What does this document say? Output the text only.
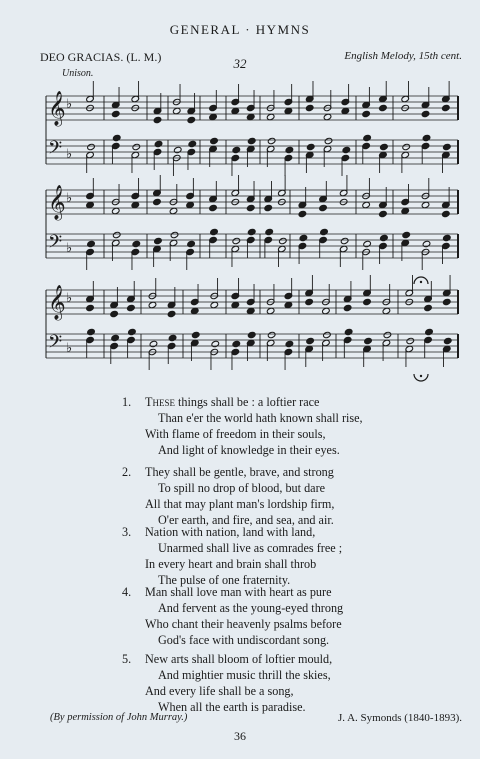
GENERAL · HYMNS
DEO GRACIAS. (L. M.)	32	English Melody, 15th cent.
Unison.
𝄞
𝄢
♭
♭
𝄞
𝄢
♭
♭
𝄞
𝄢
♭
♭
1. These things shall be : a loftier race
Than e'er the world hath known shall rise,
With flame of freedom in their souls,
And light of knowledge in their eyes.
2. They shall be gentle, brave, and strong
To spill no drop of blood, but dare
All that may plant man's lordship firm,
O'er earth, and fire, and sea, and air.
3. Nation with nation, land with land,
Unarmed shall live as comrades free ;
In every heart and brain shall throb
The pulse of one fraternity.
4. Man shall love man with heart as pure
And fervent as the young-eyed throng
Who chant their heavenly psalms before
God's face with undiscordant song.
5. New arts shall bloom of loftier mould,
And mightier music thrill the skies,
And every life shall be a song,
When all the earth is paradise.
(By permission of John Murray.)	J. A. Symonds (1840-1893).
36
